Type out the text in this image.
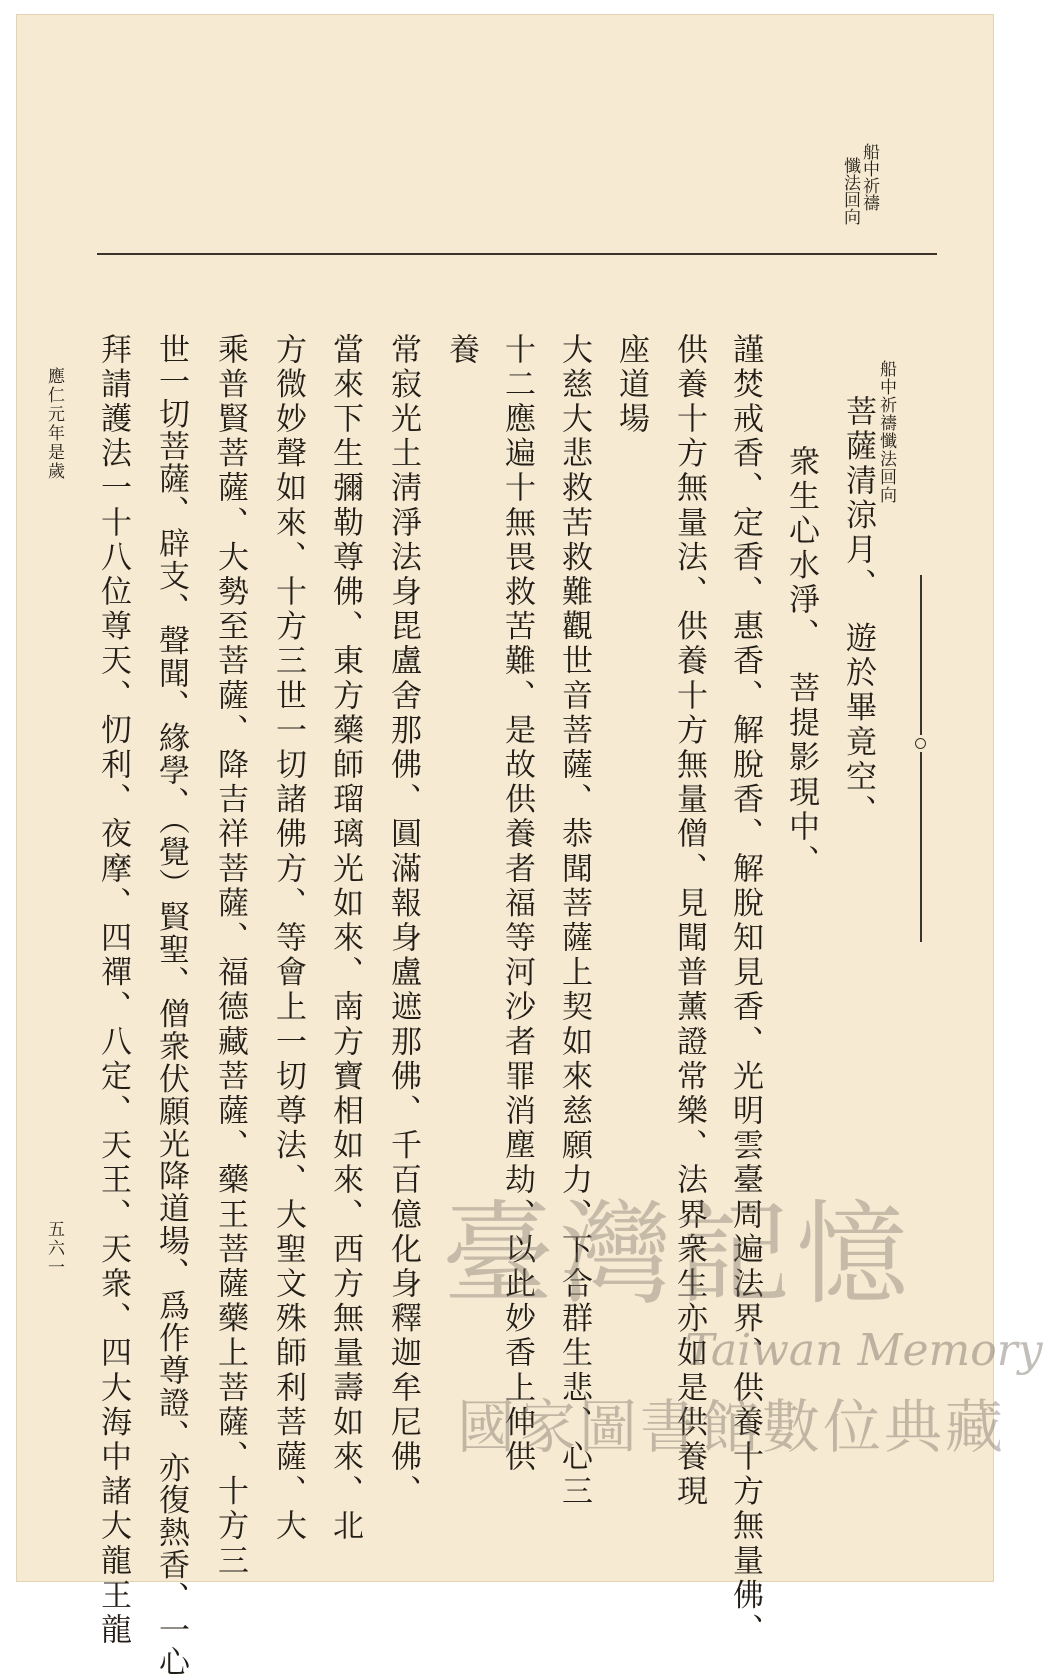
船中祈禱
懺法回向
船中祈禱懺法回向
菩薩清涼月、　遊於畢竟空、
衆生心水淨、　菩提影現中、
謹焚戒香、定香、惠香、解脫香、解脫知見香、光明雲臺周遍法界、供養十方無量佛、
供養十方無量法、供養十方無量僧、見聞普薰證常樂、法界衆生亦如是供養現
座道場
大慈大悲救苦救難觀世音菩薩、恭聞菩薩上契如來慈願力、下合群生悲、心三
十二應遍十無畏救苦難、是故供養者福等河沙者罪消塵劫、以此妙香上伸供
養
常寂光土淸淨法身毘盧舍那佛、圓滿報身盧遮那佛、千百億化身釋迦牟尼佛、
當來下生彌勒尊佛、東方藥師瑠璃光如來、南方寶相如來、西方無量壽如來、北
方微妙聲如來、十方三世一切諸佛方、等會上一切尊法、大聖文殊師利菩薩、大
乘普賢菩薩、大勢至菩薩、降吉祥菩薩、福德藏菩薩、藥王菩薩藥上菩薩、十方三
世一切菩薩、辟支、聲聞、緣學、（覺）賢聖、僧衆伏願光降道場、爲作尊證、亦復熱香、一心
拜請護法一十八位尊天、忉利、夜摩、四禪、八定、天王、天衆、四大海中諸大龍王龍
應仁元年是歲
五六一	臺灣記憶
Taiwan Memory
國家圖書館數位典藏
